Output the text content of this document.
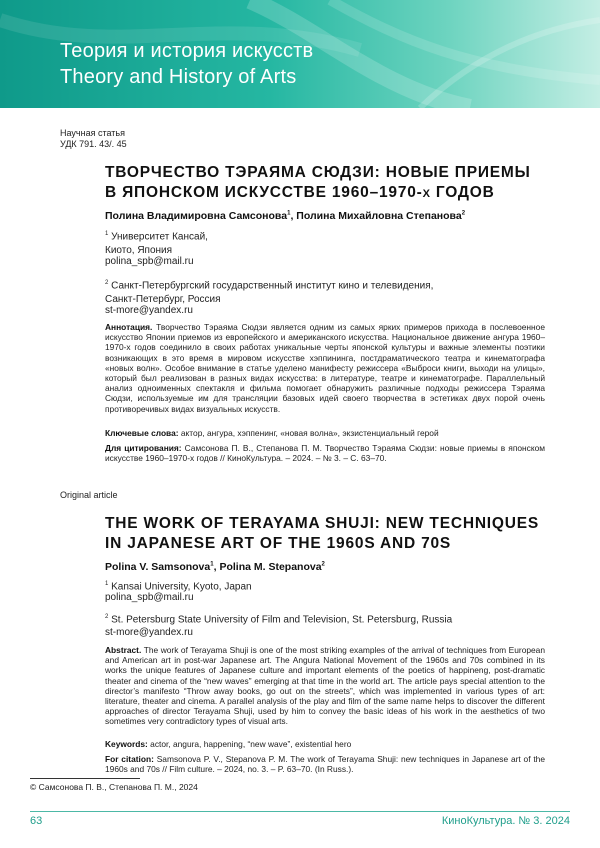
Теория и история искусств
Theory and History of Arts
Научная статья
УДК 791. 43/. 45
ТВОРЧЕСТВО ТЭРАЯМА СЮДЗИ: НОВЫЕ ПРИЕМЫ
В ЯПОНСКОМ ИСКУССТВЕ 1960–1970-х ГОДОВ
Полина Владимировна Самсонова1, Полина Михайловна Степанова2
1 Университет Кансай,
Киото, Япония
polina_spb@mail.ru
2 Санкт-Петербургский государственный институт кино и телевидения,
Санкт-Петербург, Россия
st-more@yandex.ru
Аннотация. Творчество Тэраяма Сюдзи является одним из самых ярких примеров прихода в послевоенное искусство Японии приемов из европейского и американского искусства. Национальное движение ангура 1960–1970-х годов соединило в своих работах уникальные черты японской культуры и важные элементы поэтики возникающих в это время в мировом искусстве хэппининга, постдраматического театра и кинематографа «новых волн». Особое внимание в статье уделено манифесту режиссера «Выброси книги, выходи на улицы», который был реализован в разных видах искусства: в литературе, театре и кинематографе. Параллельный анализ одноименных спектакля и фильма помогает обнаружить различные подходы режиссера Тэраяма Сюдзи, используемые им для трансляции базовых идей своего творчества в эстетиках двух порой очень противоречивых видах визуальных искусств.
Ключевые слова: актор, ангура, хэппенинг, «новая волна», экзистенциальный герой
Для цитирования: Самсонова П. В., Степанова П. М. Творчество Тэраяма Сюдзи: новые приемы в японском искусстве 1960–1970-х годов // КиноКультура. – 2024. – № 3. – С. 63–70.
Original article
THE WORK OF TERAYAMA SHUJI: NEW TECHNIQUES
IN JAPANESE ART OF THE 1960S AND 70S
Polina V. Samsonova1, Polina M. Stepanova2
1 Kansai University, Kyoto, Japan
polina_spb@mail.ru
2 St. Petersburg State University of Film and Television, St. Petersburg, Russia
st-more@yandex.ru
Abstract. The work of Terayama Shuji is one of the most striking examples of the arrival of techniques from European and American art in post-war Japanese art. The Angura National Movement of the 1960s and 70s combined in its works the unique features of Japanese culture and important elements of the poetics of happineng, post-dramatic theater and cinema of the “new waves” emerging at that time in the world art. The article pays special attention to the director’s manifesto “Throw away books, go out on the streets”, which was implemented in various types of art: literature, theater and cinema. A parallel analysis of the play and film of the same name helps to discover the different approaches of director Terayama Shuji, used by him to convey the basic ideas of his work in the aesthetics of two sometimes very contradictory types of visual arts.
Keywords: actor, angura, happening, “new wave”, existential hero
For citation: Samsonova P. V., Stepanova P. M. The work of Terayama Shuji: new techniques in Japanese art of the 1960s and 70s // Film culture. – 2024, no. 3. – P. 63–70. (In Russ.).
© Самсонова П. В., Степанова П. М., 2024
63	КиноКультура. № 3. 2024
